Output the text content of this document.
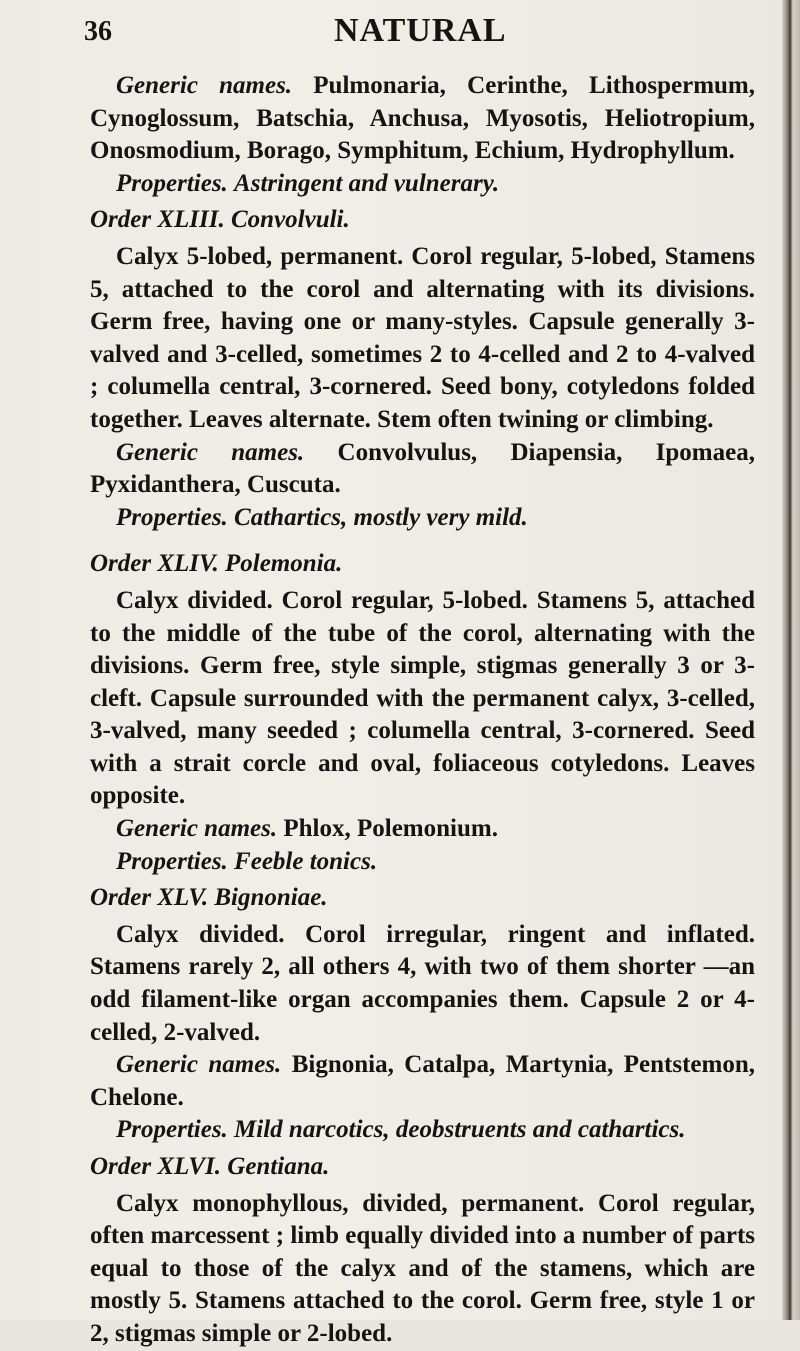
36	NATURAL

Generic names. Pulmonaria, Cerinthe, Lithospermum, Cynoglossum, Batschia, Anchusa, Myosotis, Heliotropium, Onosmodium, Borago, Symphitum, Echium, Hydrophyllum.

Properties. Astringent and vulnerary.

Order XLIII. Convolvuli.

Calyx 5-lobed, permanent. Corol regular, 5-lobed, Stamens 5, attached to the corol and alternating with its divisions. Germ free, having one or many-styles. Capsule generally 3-valved and 3-celled, sometimes 2 to 4-celled and 2 to 4-valved ; columella central, 3-cornered. Seed bony, cotyledons folded together. Leaves alternate. Stem often twining or climbing.

Generic names. Convolvulus, Diapensia, Ipomaea, Pyxidanthera, Cuscuta.

Properties. Cathartics, mostly very mild.

Order XLIV. Polemonia.

Calyx divided. Corol regular, 5-lobed. Stamens 5, attached to the middle of the tube of the corol, alternating with the divisions. Germ free, style simple, stigmas generally 3 or 3-cleft. Capsule surrounded with the permanent calyx, 3-celled, 3-valved, many seeded ; columella central, 3-cornered. Seed with a strait corcle and oval, foliaceous cotyledons. Leaves opposite.

Generic names. Phlox, Polemonium.

Properties. Feeble tonics.

Order XLV. Bignoniae.

Calyx divided. Corol irregular, ringent and inflated. Stamens rarely 2, all others 4, with two of them shorter —an odd filament-like organ accompanies them. Capsule 2 or 4-celled, 2-valved.

Generic names. Bignonia, Catalpa, Martynia, Pentstemon, Chelone.

Properties. Mild narcotics, deobstruents and cathartics.

Order XLVI. Gentiana.

Calyx monophyllous, divided, permanent. Corol regular, often marcessent ; limb equally divided into a number of parts equal to those of the calyx and of the stamens, which are mostly 5. Stamens attached to the corol. Germ free, style 1 or 2, stigmas simple or 2-lobed.
